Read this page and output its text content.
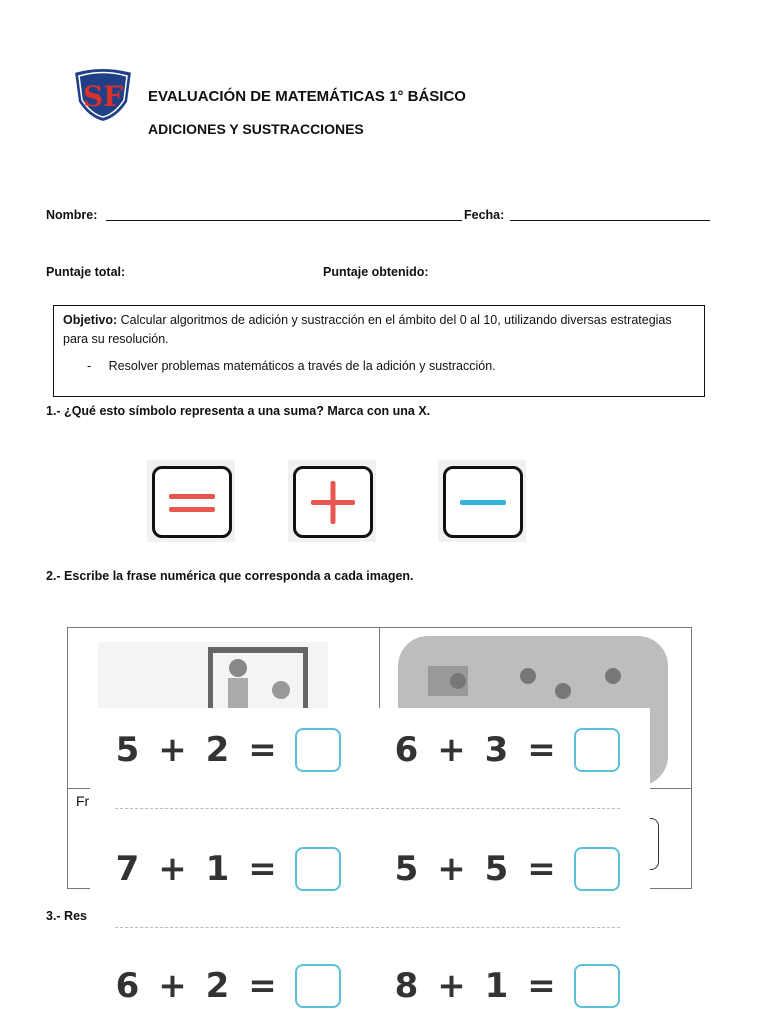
SF EVALUACIÓN DE MATEMÁTICAS 1° BÁSICO
ADICIONES Y SUSTRACCIONES
Nombre:	Fecha:
Puntaje total:	Puntaje obtenido:
Objetivo: Calcular algoritmos de adición y sustracción en el ámbito del 0 al 10, utilizando diversas estrategias para su resolución.
- Resolver problemas matemáticos a través de la adición y sustracción.
1.- ¿Qué esto símbolo representa a una suma? Marca con una X.
2.- Escribe la frase numérica que corresponda a cada imagen.
Fr
3.- Res
5 + 2 =	6 + 3 =
7 + 1 =	5 + 5 =
6 + 2 =	8 + 1 =
